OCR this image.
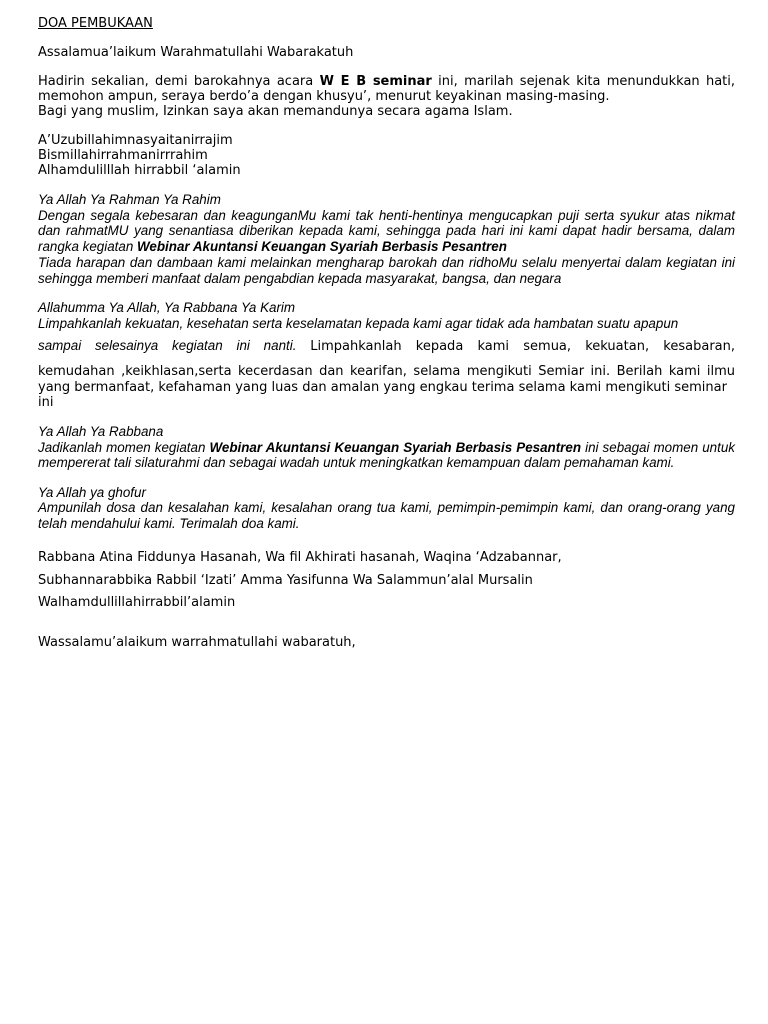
DOA PEMBUKAAN

Assalamua’laikum Warahmatullahi Wabarakatuh

Hadirin sekalian, demi barokahnya acara W E B seminar ini, marilah sejenak kita menundukkan hati, memohon ampun, seraya berdo’a dengan khusyu’, menurut keyakinan masing-masing.

Bagi yang muslim, Izinkan saya akan memandunya secara agama Islam.

A’Uzubillahimnasyaitanirrajim

Bismillahirrahmanirrrahim

Alhamdulilllah hirrabbil ‘alamin

Ya Allah Ya Rahman Ya Rahim

Dengan segala kebesaran dan keagunganMu kami tak henti-hentinya mengucapkan puji serta syukur atas nikmat dan rahmatMU yang senantiasa diberikan kepada kami, sehingga pada hari ini kami dapat hadir bersama, dalam rangka kegiatan Webinar Akuntansi Keuangan Syariah Berbasis Pesantren

Tiada harapan dan dambaan kami melainkan mengharap barokah dan ridhoMu selalu menyertai dalam kegiatan ini sehingga memberi manfaat dalam pengabdian kepada masyarakat, bangsa, dan negara

Allahumma Ya Allah, Ya Rabbana Ya Karim

Limpahkanlah kekuatan, kesehatan serta keselamatan kepada kami agar tidak ada hambatan suatu apapun

sampai selesainya kegiatan ini nanti. Limpahkanlah kepada kami semua, kekuatan, kesabaran,

kemudahan ,keikhlasan,serta kecerdasan dan kearifan, selama mengikuti Semiar ini. Berilah kami ilmu

yang bermanfaat, kefahaman yang luas dan amalan yang engkau terima selama kami mengikuti seminar ini

Ya Allah Ya Rabbana

Jadikanlah momen kegiatan Webinar Akuntansi Keuangan Syariah Berbasis Pesantren ini sebagai momen untuk mempererat tali silaturahmi dan sebagai wadah untuk meningkatkan kemampuan dalam pemahaman kami.

Ya Allah ya ghofur

Ampunilah dosa dan kesalahan kami, kesalahan orang tua kami, pemimpin-pemimpin kami, dan orang-orang yang telah mendahului kami. Terimalah doa kami.

Rabbana Atina Fiddunya Hasanah, Wa fil Akhirati hasanah, Waqina ‘Adzabannar,

Subhannarabbika Rabbil ‘Izati’ Amma Yasifunna Wa Salammun’alal Mursalin

Walhamdullillahirrabbil’alamin

Wassalamu’alaikum warrahmatullahi wabaratuh,
